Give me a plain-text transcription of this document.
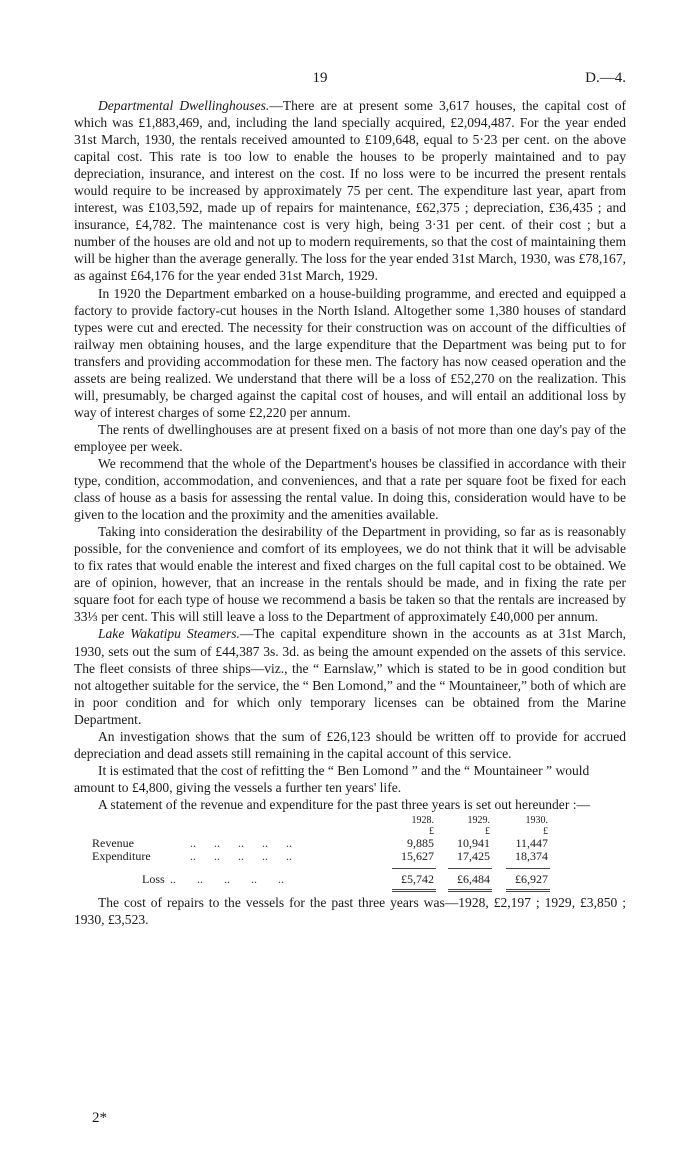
19	D.—4.

Departmental Dwellinghouses.—There are at present some 3,617 houses, the capital cost of which was £1,883,469, and, including the land specially acquired, £2,094,487. For the year ended 31st March, 1930, the rentals received amounted to £109,648, equal to 5·23 per cent. on the above capital cost. This rate is too low to enable the houses to be properly maintained and to pay depreciation, insurance, and interest on the cost. If no loss were to be incurred the present rentals would require to be increased by approximately 75 per cent. The expenditure last year, apart from interest, was £103,592, made up of repairs for maintenance, £62,375 ; depreciation, £36,435 ; and insurance, £4,782. The maintenance cost is very high, being 3·31 per cent. of their cost ; but a number of the houses are old and not up to modern requirements, so that the cost of maintaining them will be higher than the average generally. The loss for the year ended 31st March, 1930, was £78,167, as against £64,176 for the year ended 31st March, 1929.

In 1920 the Department embarked on a house-building programme, and erected and equipped a factory to provide factory-cut houses in the North Island. Altogether some 1,380 houses of standard types were cut and erected. The necessity for their construction was on account of the difficulties of railway men obtaining houses, and the large expenditure that the Department was being put to for transfers and providing accommodation for these men. The factory has now ceased operation and the assets are being realized. We understand that there will be a loss of £52,270 on the realization. This will, presumably, be charged against the capital cost of houses, and will entail an additional loss by way of interest charges of some £2,220 per annum.

The rents of dwellinghouses are at present fixed on a basis of not more than one day's pay of the employee per week.

We recommend that the whole of the Department's houses be classified in accordance with their type, condition, accommodation, and conveniences, and that a rate per square foot be fixed for each class of house as a basis for assessing the rental value. In doing this, consideration would have to be given to the location and the proximity and the amenities available.

Taking into consideration the desirability of the Department in providing, so far as is reasonably possible, for the convenience and comfort of its employees, we do not think that it will be advisable to fix rates that would enable the interest and fixed charges on the full capital cost to be obtained. We are of opinion, however, that an increase in the rentals should be made, and in fixing the rate per square foot for each type of house we recommend a basis be taken so that the rentals are increased by 33⅓ per cent. This will still leave a loss to the Department of approximately £40,000 per annum.

Lake Wakatipu Steamers.—The capital expenditure shown in the accounts as at 31st March, 1930, sets out the sum of £44,387 3s. 3d. as being the amount expended on the assets of this service. The fleet consists of three ships—viz., the “ Earnslaw,” which is stated to be in good condition but not altogether suitable for the service, the “ Ben Lomond,” and the “ Mountaineer,” both of which are in poor condition and for which only temporary licenses can be obtained from the Marine Department.

An investigation shows that the sum of £26,123 should be written off to provide for accrued depreciation and dead assets still remaining in the capital account of this service.

It is estimated that the cost of refitting the “ Ben Lomond ” and the “ Mountaineer ” would amount to £4,800, giving the vessels a further ten years' life.

A statement of the revenue and expenditure for the past three years is set out hereunder :—

1928.	1929.	1930.
£	£	£
Revenue	..      ..      ..      ..      ..	9,885	10,941	11,447
Expenditure ..      ..      ..      ..      ..	15,627	17,425	18,374
Loss ..       ..       ..       ..       ..	£5,742	£6,484	£6,927

The cost of repairs to the vessels for the past three years was—1928, £2,197 ; 1929, £3,850 ; 1930, £3,523.

2*
